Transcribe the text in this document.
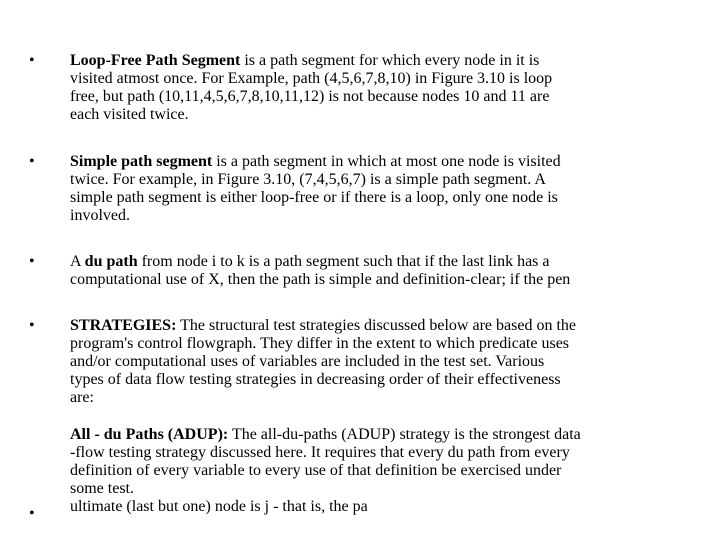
• Loop-Free Path Segment is a path segment for which every node in it is
visited atmost once. For Example, path (4,5,6,7,8,10) in Figure 3.10 is loop
free, but path (10,11,4,5,6,7,8,10,11,12) is not because nodes 10 and 11 are
each visited twice.
• Simple path segment is a path segment in which at most one node is visited
twice. For example, in Figure 3.10, (7,4,5,6,7) is a simple path segment. A
simple path segment is either loop-free or if there is a loop, only one node is
involved.
• A du path from node i to k is a path segment such that if the last link has a
computational use of X, then the path is simple and definition-clear; if the pen
• STRATEGIES: The structural test strategies discussed below are based on the
program's control flowgraph. They differ in the extent to which predicate uses
and/or computational uses of variables are included in the test set. Various
types of data flow testing strategies in decreasing order of their effectiveness
are:
•
All - du Paths (ADUP): The all-du-paths (ADUP) strategy is the strongest data
-flow testing strategy discussed here. It requires that every du path from every
definition of every variable to every use of that definition be exercised under
some test.
ultimate (last but one) node is j - that is, the pa
